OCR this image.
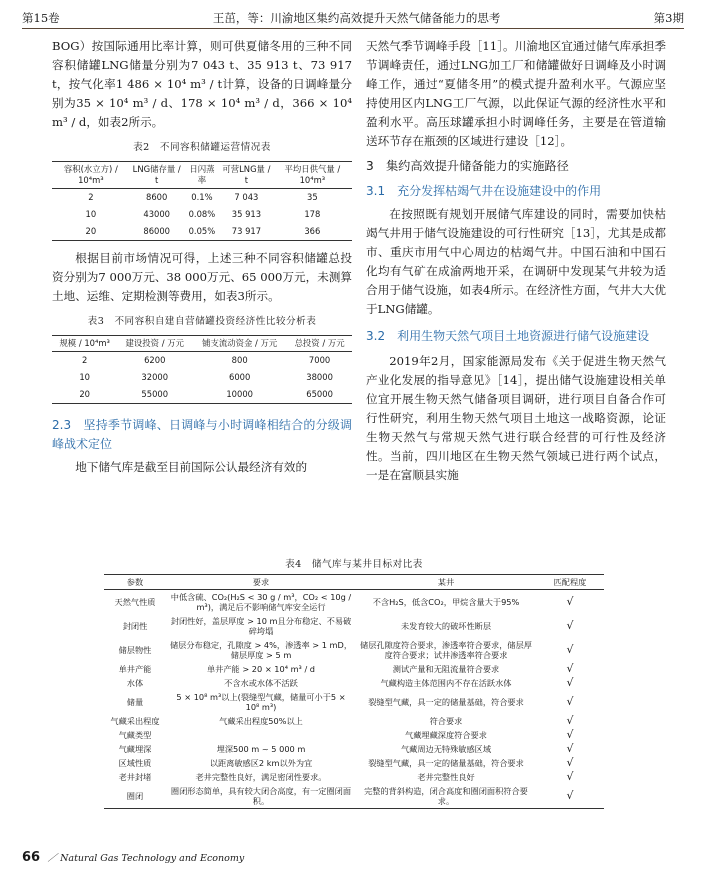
第15卷	王茁，等：川渝地区集约高效提升天然气储备能力的思考	第3期

BOG）按国际通用比率计算，则可供夏储冬用的三种不同容积储罐LNG储量分别为7 043 t、35 913 t、73 917 t，按气化率1 486 × 10⁴ m³ / t计算，设备的日调峰量分别为35 × 10⁴ m³ / d、178 × 10⁴ m³ / d，366 × 10⁴ m³ / d，如表2所示。

表2　不同容积储罐运营情况表
容积(水立方) / 10⁴m³	LNG储存量 / t	日闪蒸率	可营LNG量 / t	平均日供气量 / 10⁴m³
2	8600	0.1%	7 043	35
10	43000	0.08%	35 913	178
20	86000	0.05%	73 917	366

根据目前市场情况可得，上述三种不同容积储罐总投资分别为7 000万元、38 000万元、65 000万元，未测算土地、运维、定期检测等费用，如表3所示。

表3　不同容积自建自营储罐投资经济性比较分析表
规模 / 10⁴m³	建设投资 / 万元	铺支流动资金 / 万元	总投资 / 万元
2	6200	800	7000
10	32000	6000	38000
20	55000	10000	65000
2.3　坚持季节调峰、日调峰与小时调峰相结合的分级调峰战术定位

地下储气库是截至目前国际公认最经济有效的

天然气季节调峰手段［11］。川渝地区宜通过储气库承担季节调峰责任，通过LNG加工厂和储罐做好日调峰及小时调峰工作，通过“夏储冬用”的模式提升盈利水平。气源应坚持使用区内LNG工厂气源，以此保证气源的经济性水平和盈利水平。高压球罐承担小时调峰任务，主要是在管道输送环节存在瓶颈的区域进行建设［12］。

3　集约高效提升储备能力的实施路径
3.1　充分发挥枯竭气井在设施建设中的作用

在按照既有规划开展储气库建设的同时，需要加快枯竭气井用于储气设施建设的可行性研究［13］，尤其是成都市、重庆市用气中心周边的枯竭气井。中国石油和中国石化均有气矿在成渝两地开采，在调研中发现某气井较为适合用于储气设施，如表4所示。在经济性方面，气井大大优于LNG储罐。

3.2　利用生物天然气项目土地资源进行储气设施建设

2019年2月，国家能源局发布《关于促进生物天然气产业化发展的指导意见》［14］，提出储气设施建设相关单位宜开展生物天然气储备项目调研，进行项目自备合作可行性研究，利用生物天然气项目土地这一战略资源，论证生物天然气与常规天然气进行联合经营的可行性及经济性。当前，四川地区在生物天然气领域已进行两个试点，一是在富顺县实施

表4　储气库与某井目标对比表
参数	要求	某井	匹配程度
天然气性质	中低含硫、CO₂(H₂S < 30 g / m³，CO₂ < 10g / m³)，满足后不影响储气库安全运行	不含H₂S，低含CO₂，甲烷含量大于95%	√
封闭性	封闭性好，盖层厚度 > 10 m且分布稳定、不易破碎垮塌	未发育较大的破坏性断层	√
储层物性	储层分布稳定，孔隙度 > 4%，渗透率 > 1 mD，储层厚度 > 5 m	储层孔隙度符合要求，渗透率符合要求，储层厚度符合要求；试井渗透率符合要求	√
单井产能	单井产能 > 20 × 10⁴ m³ / d	测试产量和无阻流量符合要求	√
水体	不含水或水体不活跃	气藏构造主体范围内不存在活跃水体	√
储量	5 × 10⁸ m³以上(裂缝型气藏，储量可小于5 × 10⁸ m³)	裂缝型气藏，具一定的储量基础，符合要求	√
气藏采出程度	气藏采出程度50%以上	符合要求	√
气藏类型		气藏埋藏深度符合要求	√
气藏埋深	埋深500 m ~ 5 000 m	气藏周边无特殊敏感区域	√
区域性质	以距离敏感区2 km以外为宜	裂缝型气藏，具一定的储量基础，符合要求	√
老井封堵	老井完整性良好，满足密闭性要求。	老井完整性良好	√
圈闭	圈闭形态简单，具有较大闭合高度，有一定圈闭面积。	完整的背斜构造，闭合高度和圈闭面积符合要求。	√
66 ／ Natural Gas Technology and Economy
